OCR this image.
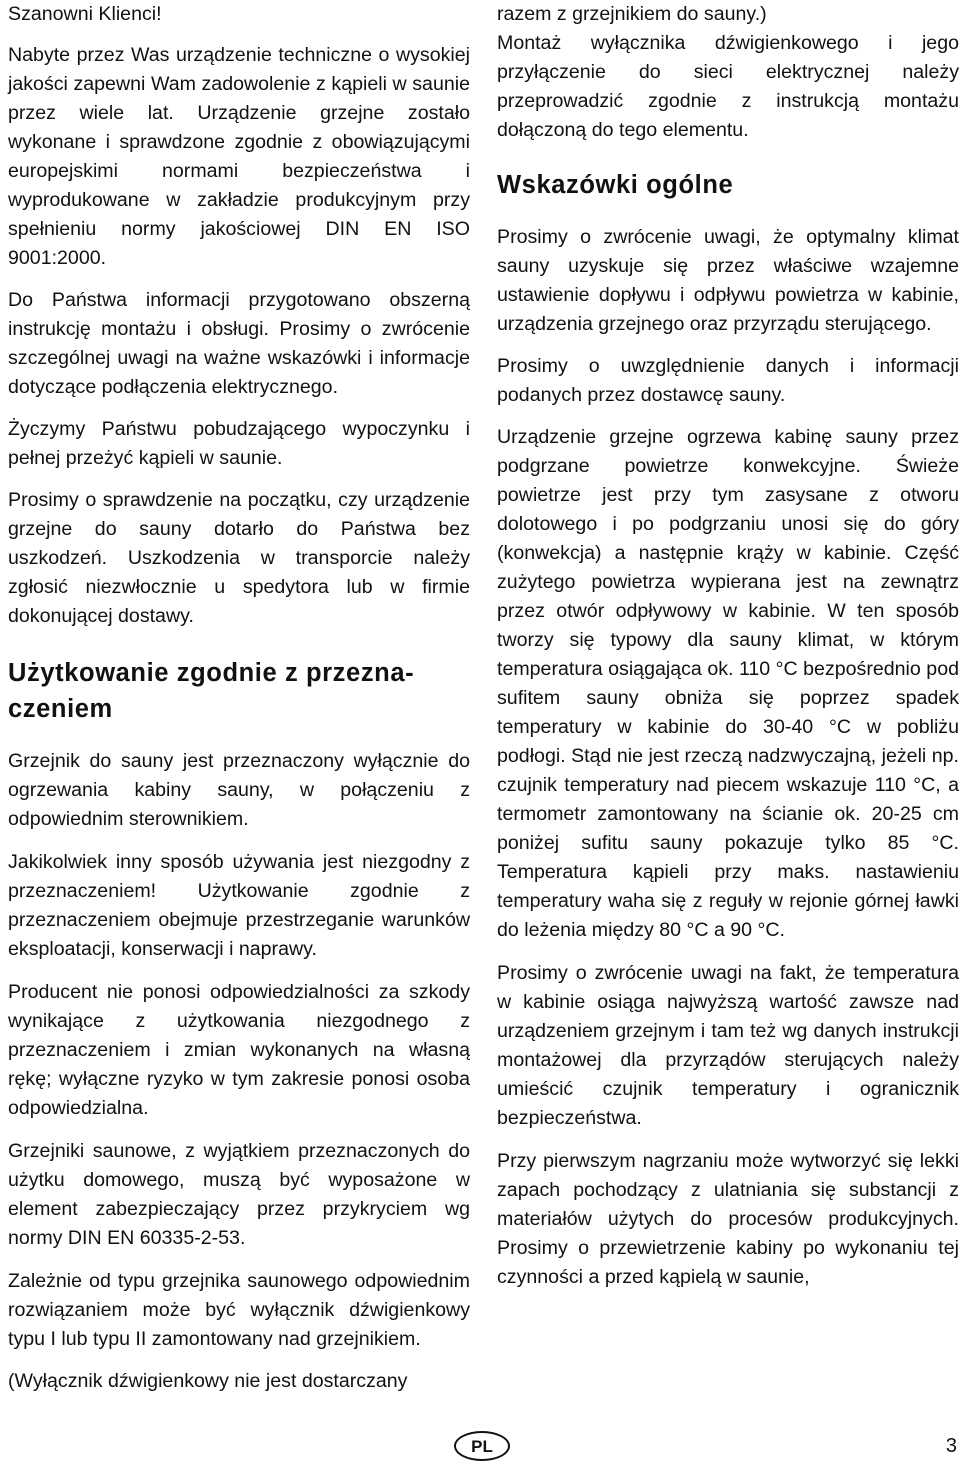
Szanowni Klienci!

Nabyte przez Was urządzenie techniczne o wysokiej jakości zapewni Wam zadowolenie z kąpieli w saunie przez wiele lat. Urządzenie grzejne zostało wykonane i sprawdzone zgodnie z obowiązującymi europejskimi normami bezpieczeństwa i wyprodukowane w zakładzie produkcyjnym przy spełnieniu normy jakościowej DIN EN ISO 9001:2000.

Do Państwa informacji przygotowano obszerną instrukcję montażu i obsługi. Prosimy o zwrócenie szczególnej uwagi na ważne wskazówki i informacje dotyczące podłączenia elektrycznego.

Życzymy Państwu pobudzającego wypoczynku i pełnej przeżyć kąpieli w saunie.

Prosimy o sprawdzenie na początku, czy urządzenie grzejne do sauny dotarło do Państwa bez uszkodzeń. Uszkodzenia w transporcie należy zgłosić niezwłocznie u spedytora lub w firmie dokonującej dostawy.

Użytkowanie zgodnie z przeznaczeniem

Grzejnik do sauny jest przeznaczony wyłącznie do ogrzewania kabiny sauny, w połączeniu z odpowiednim sterownikiem.

Jakikolwiek inny sposób używania jest niezgodny z przeznaczeniem! Użytkowanie zgodnie z przeznaczeniem obejmuje przestrzeganie warunków eksploatacji, konserwacji i naprawy.

Producent nie ponosi odpowiedzialności za szkody wynikające z użytkowania niezgodnego z przeznaczeniem i zmian wykonanych na własną rękę; wyłączne ryzyko w tym zakresie ponosi osoba odpowiedzialna.

Grzejniki saunowe, z wyjątkiem przeznaczonych do użytku domowego, muszą być wyposażone w element zabezpieczający przez przykryciem wg normy DIN EN 60335-2-53.

Zależnie od typu grzejnika saunowego odpowiednim rozwiązaniem może być wyłącznik dźwigienkowy typu I lub typu II zamontowany nad grzejnikiem.

(Wyłącznik dźwigienkowy nie jest dostarczany

razem z grzejnikiem do sauny.)

Montaż wyłącznika dźwigienkowego i jego przyłączenie do sieci elektrycznej należy przeprowadzić zgodnie z instrukcją montażu dołączoną do tego elementu.

Wskazówki ogólne

Prosimy o zwrócenie uwagi, że optymalny klimat sauny uzyskuje się przez właściwe wzajemne ustawienie dopływu i odpływu powietrza w kabinie, urządzenia grzejnego oraz przyrządu sterującego.

Prosimy o uwzględnienie danych i informacji podanych przez dostawcę sauny.

Urządzenie grzejne ogrzewa kabinę sauny przez podgrzane powietrze konwekcyjne. Świeże powietrze jest przy tym zasysane z otworu dolotowego i po podgrzaniu unosi się do góry (konwekcja) a następnie krąży w kabinie. Część zużytego powietrza wypierana jest na zewnątrz przez otwór odpływowy w kabinie. W ten sposób tworzy się typowy dla sauny klimat, w którym temperatura osiągająca ok. 110 °C bezpośrednio pod sufitem sauny obniża się poprzez spadek temperatury w kabinie do 30-40 °C w pobliżu podłogi. Stąd nie jest rzeczą nadzwyczajną, jeżeli np. czujnik temperatury nad piecem wskazuje 110 °C, a termometr zamontowany na ścianie ok. 20-25 cm poniżej sufitu sauny pokazuje tylko 85 °C. Temperatura kąpieli przy maks. nastawieniu temperatury waha się z reguły w rejonie górnej ławki do leżenia między 80 °C a 90 °C.

Prosimy o zwrócenie uwagi na fakt, że temperatura w kabinie osiąga najwyższą wartość zawsze nad urządzeniem grzejnym i tam też wg danych instrukcji montażowej dla przyrządów sterujących należy umieścić czujnik temperatury i ogranicznik bezpieczeństwa.

Przy pierwszym nagrzaniu może wytworzyć się lekki zapach pochodzący z ulatniania się substancji z materiałów użytych do procesów produkcyjnych. Prosimy o przewietrzenie kabiny po wykonaniu tej czynności a przed kąpielą w saunie,

PL	3
